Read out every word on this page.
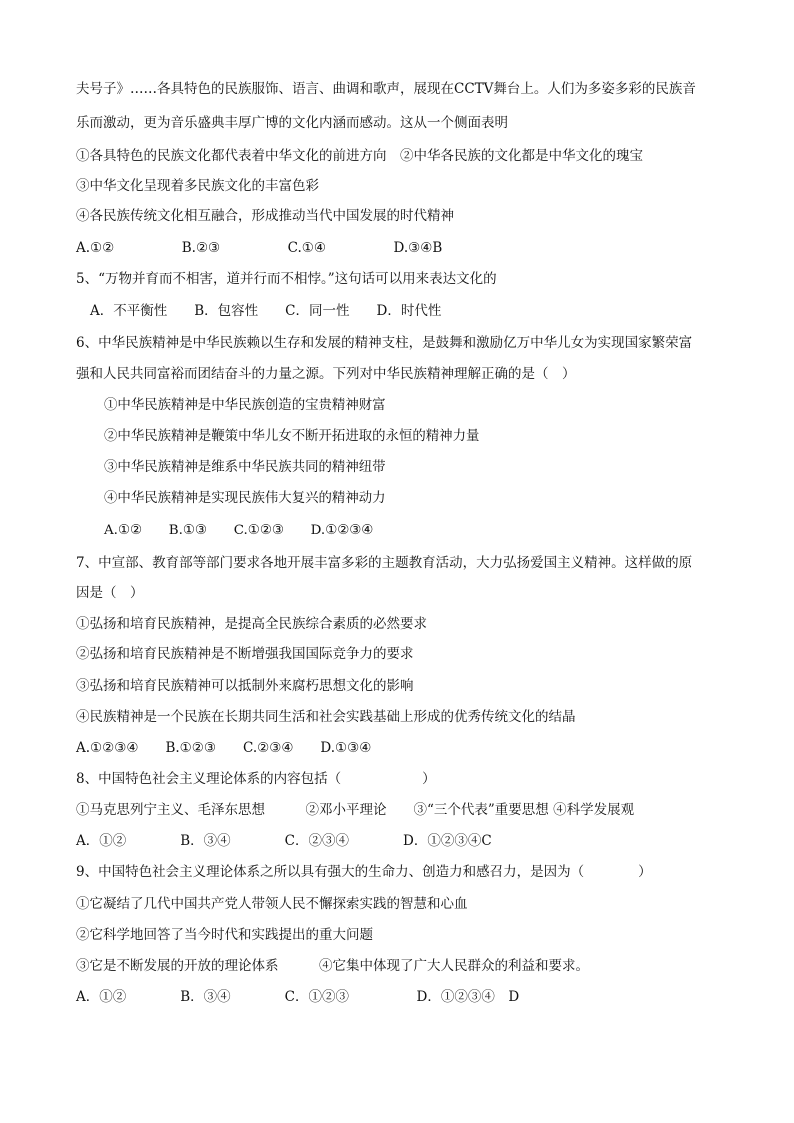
夫号子》……各具特色的民族服饰、语言、曲调和歌声，展现在CCTV舞台上。人们为多姿多彩的民族音
乐而激动，更为音乐盛典丰厚广博的文化内涵而感动。这从一个侧面表明
①各具特色的民族文化都代表着中华文化的前进方向　②中华各民族的文化都是中华文化的瑰宝
③中华文化呈现着多民族文化的丰富色彩
④各民族传统文化相互融合，形成推动当代中国发展的时代精神
A.①②　　　　　B.②③　　　　　C.①④　　　　　D.③④B
5、“万物并育而不相害，道并行而不相悖。”这句话可以用来表达文化的
A．不平衡性　　B．包容性　　C．同一性　　D．时代性
6、中华民族精神是中华民族赖以生存和发展的精神支柱，是鼓舞和激励亿万中华儿女为实现国家繁荣富
强和人民共同富裕而团结奋斗的力量之源。下列对中华民族精神理解正确的是（　）
①中华民族精神是中华民族创造的宝贵精神财富
②中华民族精神是鞭策中华儿女不断开拓进取的永恒的精神力量
③中华民族精神是维系中华民族共同的精神纽带
④中华民族精神是实现民族伟大复兴的精神动力
A.①②　　B.①③　　C.①②③　　D.①②③④
7、中宣部、教育部等部门要求各地开展丰富多彩的主题教育活动，大力弘扬爱国主义精神。这样做的原
因是（　）
①弘扬和培育民族精神，是提高全民族综合素质的必然要求
②弘扬和培育民族精神是不断增强我国国际竞争力的要求
③弘扬和培育民族精神可以抵制外来腐朽思想文化的影响
④民族精神是一个民族在长期共同生活和社会实践基础上形成的优秀传统文化的结晶
A.①②③④　　B.①②③　　C.②③④　　D.①③④
8、中国特色社会主义理论体系的内容包括（　　　　　　）
①马克思列宁主义、毛泽东思想　　　②邓小平理论　　③“三个代表”重要思想 ④科学发展观
A．①②　　　　B．③④　　　　C．②③④　　　　D．①②③④C
9、中国特色社会主义理论体系之所以具有强大的生命力、创造力和感召力，是因为（　　　　）
①它凝结了几代中国共产党人带领人民不懈探索实践的智慧和心血
②它科学地回答了当今时代和实践提出的重大问题
③它是不断发展的开放的理论体系　　　④它集中体现了广大人民群众的利益和要求。
A．①②　　　　B．③④　　　　C．①②③　　　　　D．①②③④　D
